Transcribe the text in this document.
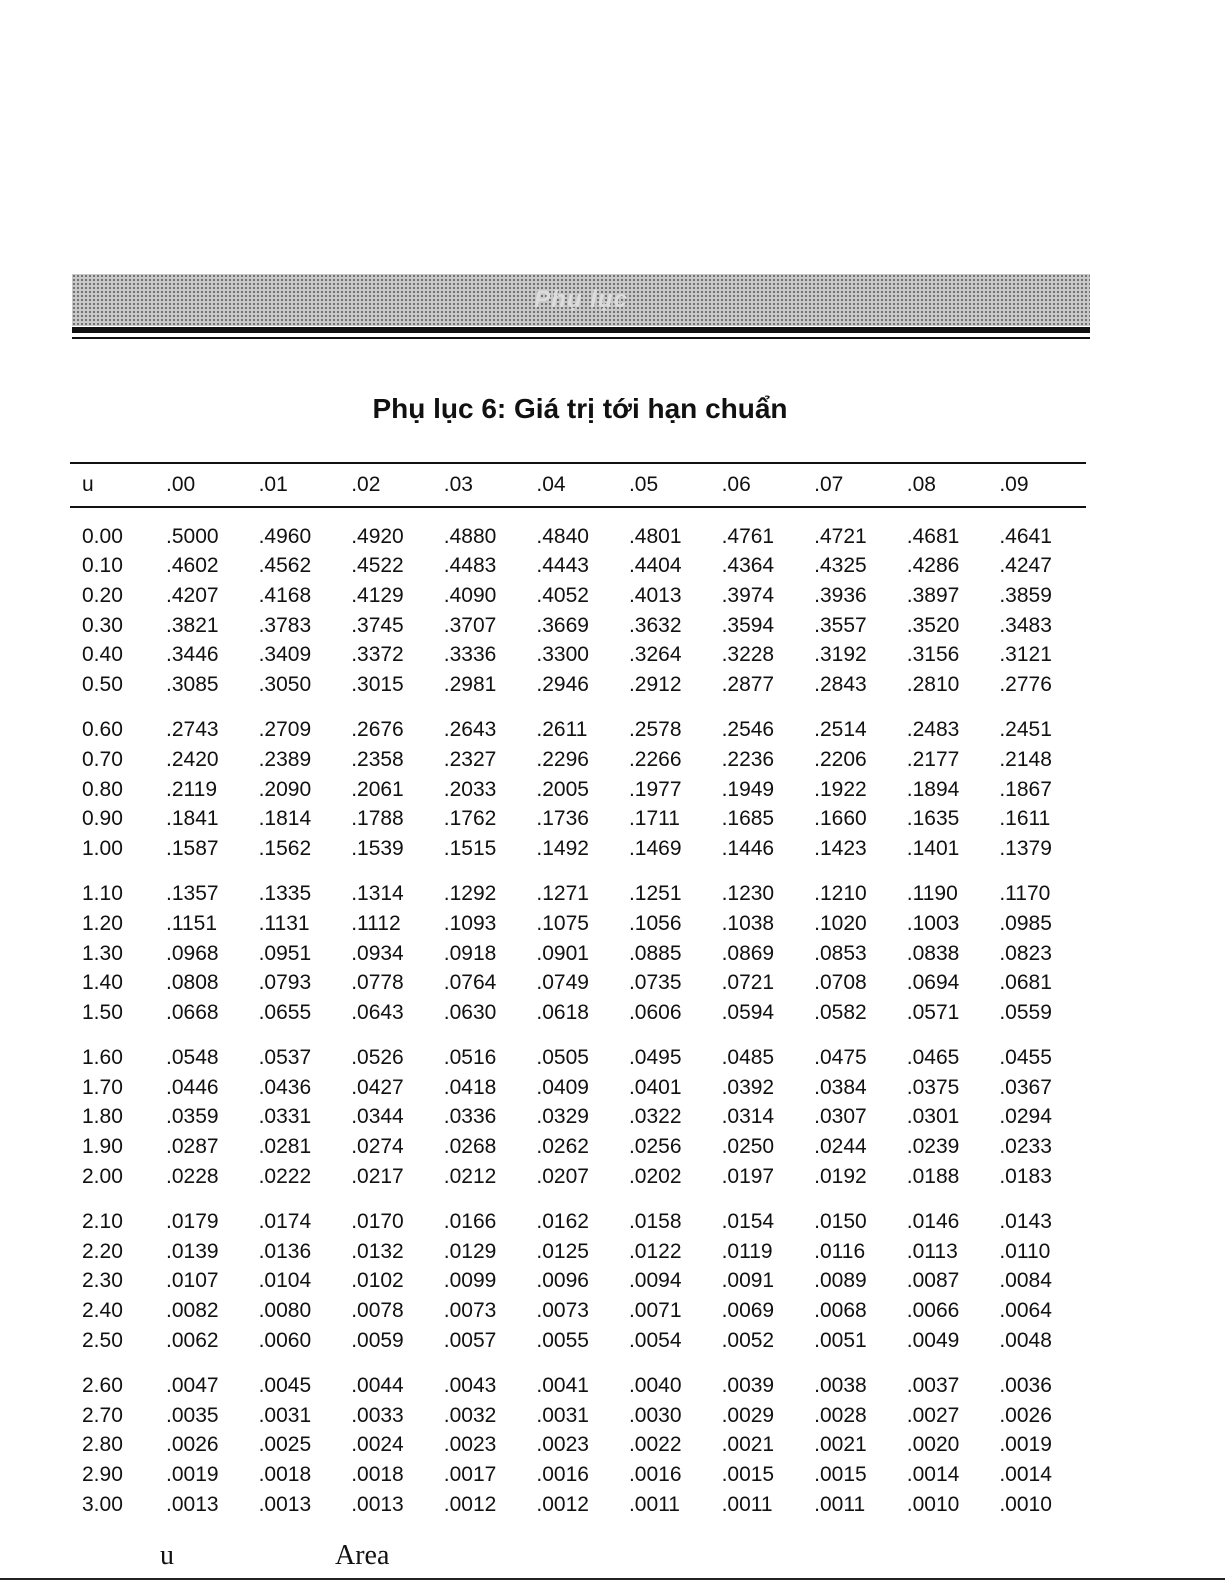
Phụ lục
Phụ lục 6: Giá trị tới hạn chuẩn
u	.00	.01	.02	.03	.04	.05	.06	.07	.08	.09
0.00	.5000	.4960	.4920	.4880	.4840	.4801	.4761	.4721	.4681	.4641
0.10	.4602	.4562	.4522	.4483	.4443	.4404	.4364	.4325	.4286	.4247
0.20	.4207	.4168	.4129	.4090	.4052	.4013	.3974	.3936	.3897	.3859
0.30	.3821	.3783	.3745	.3707	.3669	.3632	.3594	.3557	.3520	.3483
0.40	.3446	.3409	.3372	.3336	.3300	.3264	.3228	.3192	.3156	.3121
0.50	.3085	.3050	.3015	.2981	.2946	.2912	.2877	.2843	.2810	.2776
0.60	.2743	.2709	.2676	.2643	.2611	.2578	.2546	.2514	.2483	.2451
0.70	.2420	.2389	.2358	.2327	.2296	.2266	.2236	.2206	.2177	.2148
0.80	.2119	.2090	.2061	.2033	.2005	.1977	.1949	.1922	.1894	.1867
0.90	.1841	.1814	.1788	.1762	.1736	.1711	.1685	.1660	.1635	.1611
1.00	.1587	.1562	.1539	.1515	.1492	.1469	.1446	.1423	.1401	.1379
1.10	.1357	.1335	.1314	.1292	.1271	.1251	.1230	.1210	.1190	.1170
1.20	.1151	.1131	.1112	.1093	.1075	.1056	.1038	.1020	.1003	.0985
1.30	.0968	.0951	.0934	.0918	.0901	.0885	.0869	.0853	.0838	.0823
1.40	.0808	.0793	.0778	.0764	.0749	.0735	.0721	.0708	.0694	.0681
1.50	.0668	.0655	.0643	.0630	.0618	.0606	.0594	.0582	.0571	.0559
1.60	.0548	.0537	.0526	.0516	.0505	.0495	.0485	.0475	.0465	.0455
1.70	.0446	.0436	.0427	.0418	.0409	.0401	.0392	.0384	.0375	.0367
1.80	.0359	.0331	.0344	.0336	.0329	.0322	.0314	.0307	.0301	.0294
1.90	.0287	.0281	.0274	.0268	.0262	.0256	.0250	.0244	.0239	.0233
2.00	.0228	.0222	.0217	.0212	.0207	.0202	.0197	.0192	.0188	.0183
2.10	.0179	.0174	.0170	.0166	.0162	.0158	.0154	.0150	.0146	.0143
2.20	.0139	.0136	.0132	.0129	.0125	.0122	.0119	.0116	.0113	.0110
2.30	.0107	.0104	.0102	.0099	.0096	.0094	.0091	.0089	.0087	.0084
2.40	.0082	.0080	.0078	.0073	.0073	.0071	.0069	.0068	.0066	.0064
2.50	.0062	.0060	.0059	.0057	.0055	.0054	.0052	.0051	.0049	.0048
2.60	.0047	.0045	.0044	.0043	.0041	.0040	.0039	.0038	.0037	.0036
2.70	.0035	.0031	.0033	.0032	.0031	.0030	.0029	.0028	.0027	.0026
2.80	.0026	.0025	.0024	.0023	.0023	.0022	.0021	.0021	.0020	.0019
2.90	.0019	.0018	.0018	.0017	.0016	.0016	.0015	.0015	.0014	.0014
3.00	.0013	.0013	.0013	.0012	.0012	.0011	.0011	.0011	.0010	.0010
u	Area
